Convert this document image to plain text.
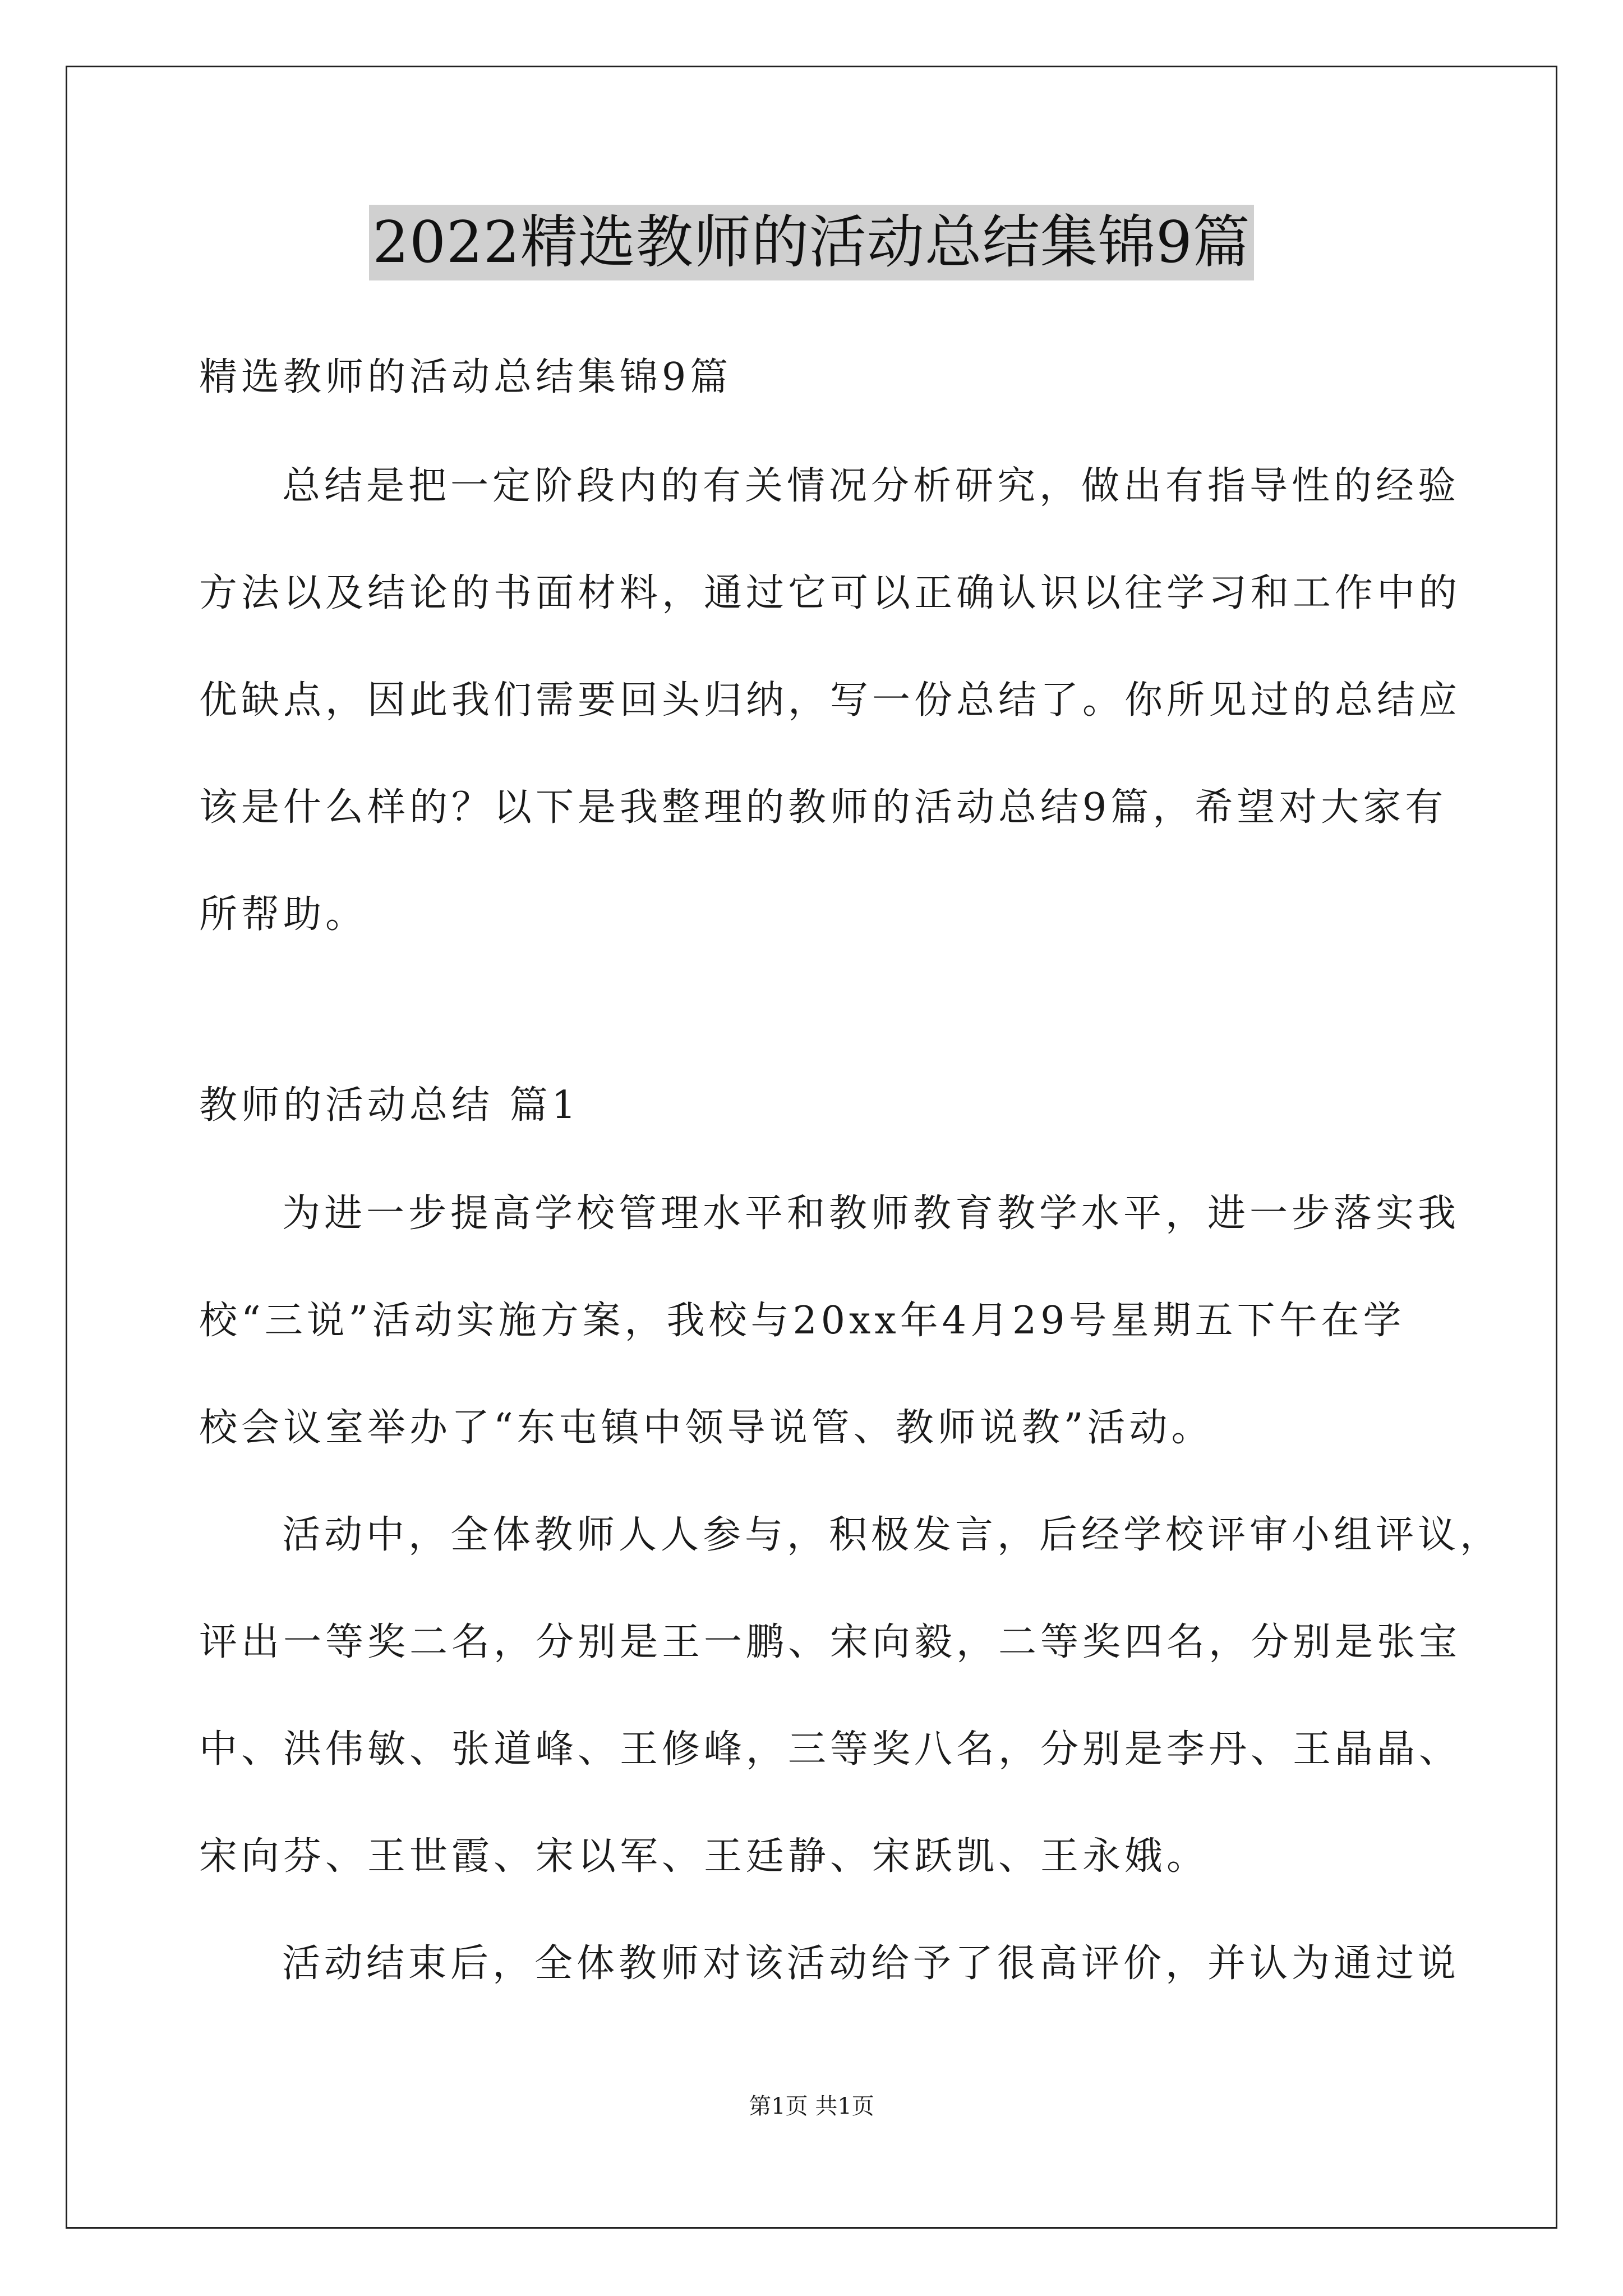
2022精选教师的活动总结集锦9篇
精选教师的活动总结集锦9篇
总结是把一定阶段内的有关情况分析研究，做出有指导性的经验
方法以及结论的书面材料，通过它可以正确认识以往学习和工作中的
优缺点，因此我们需要回头归纳，写一份总结了。你所见过的总结应
该是什么样的？以下是我整理的教师的活动总结9篇，希望对大家有
所帮助。
教师的活动总结 篇1
为进一步提高学校管理水平和教师教育教学水平，进一步落实我
校“三说”活动实施方案，我校与20xx年4月29号星期五下午在学
校会议室举办了“东屯镇中领导说管、教师说教”活动。
活动中，全体教师人人参与，积极发言，后经学校评审小组评议，
评出一等奖二名，分别是王一鹏、宋向毅，二等奖四名，分别是张宝
中、洪伟敏、张道峰、王修峰，三等奖八名，分别是李丹、王晶晶、
宋向芬、王世霞、宋以军、王廷静、宋跃凯、王永娥。
活动结束后，全体教师对该活动给予了很高评价，并认为通过说
第1页 共1页
